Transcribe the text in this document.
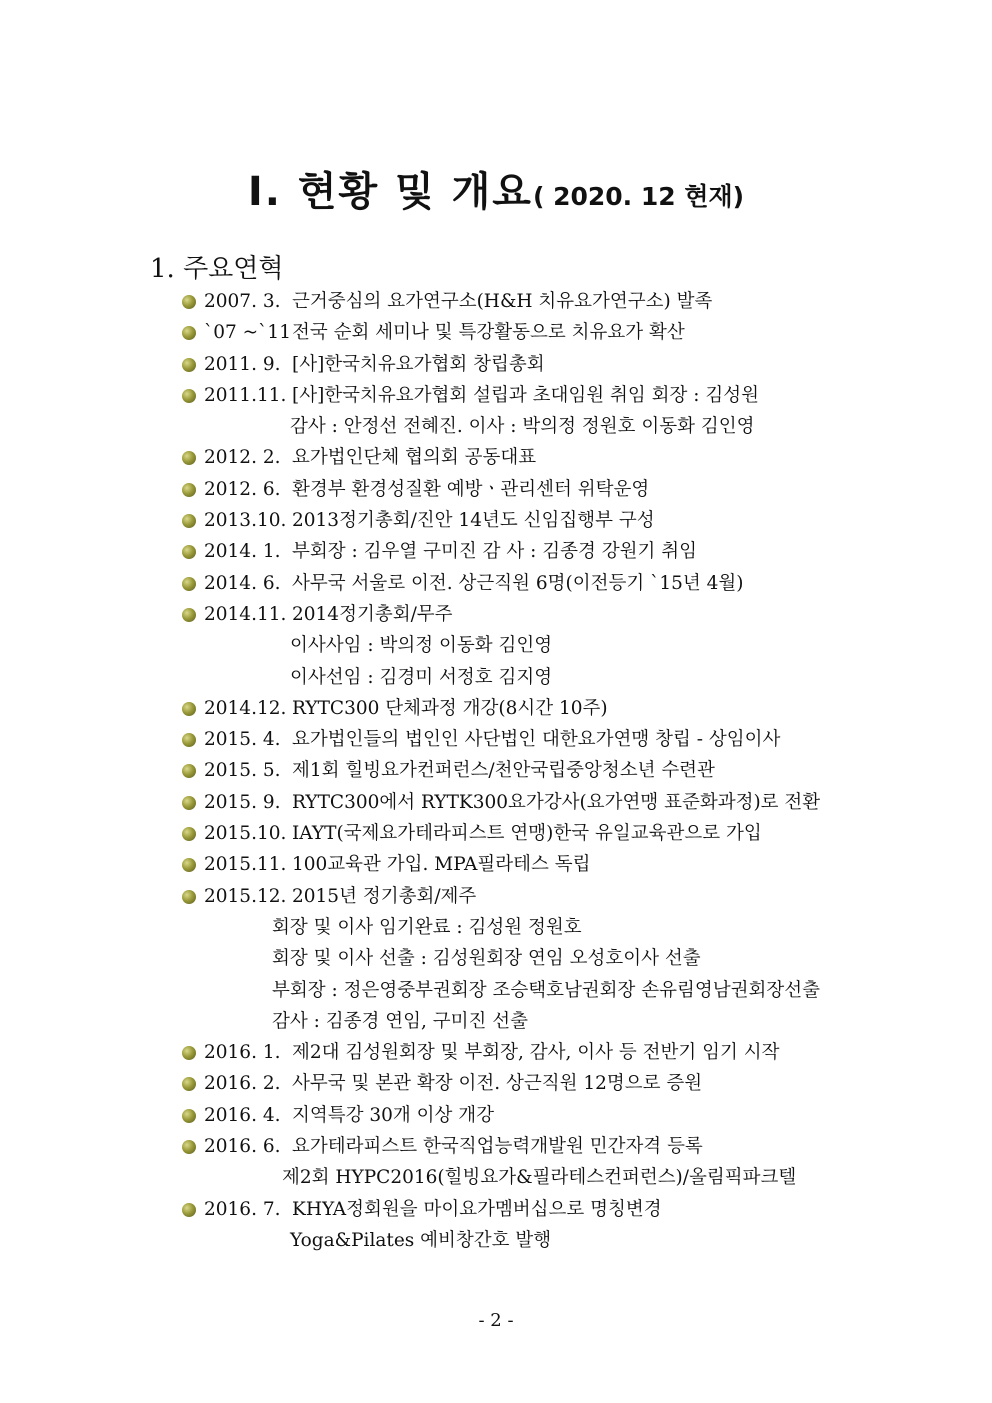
Ⅰ. 현황 및 개요( 2020. 12 현재)
1. 주요연혁
2007. 3. 근거중심의 요가연구소(H&H 치유요가연구소) 발족
`07 ~`11 전국 순회 세미나 및 특강활동으로 치유요가 확산
2011. 9. [사]한국치유요가협회 창립총회
2011.11. [사]한국치유요가협회 설립과 초대임원 취임 회장 : 김성원
감사 : 안정선 전혜진. 이사 : 박의정 정원호 이동화 김인영
2012. 2. 요가법인단체 협의회 공동대표
2012. 6. 환경부 환경성질환 예방ㆍ관리센터 위탁운영
2013.10. 2013정기총회/진안 14년도 신임집행부 구성
2014. 1. 부회장 : 김우열 구미진 감 사 : 김종경 강원기 취임
2014. 6. 사무국 서울로 이전. 상근직원 6명(이전등기 `15년 4월)
2014.11. 2014정기총회/무주
이사사임 : 박의정 이동화 김인영
이사선임 : 김경미 서정호 김지영
2014.12. RYTC300 단체과정 개강(8시간 10주)
2015. 4. 요가법인들의 법인인 사단법인 대한요가연맹 창립 - 상임이사
2015. 5. 제1회 힐빙요가컨퍼런스/천안국립중앙청소년 수련관
2015. 9. RYTC300에서 RYTK300요가강사(요가연맹 표준화과정)로 전환
2015.10. IAYT(국제요가테라피스트 연맹)한국 유일교육관으로 가입
2015.11. 100교육관 가입. MPA필라테스 독립
2015.12. 2015년 정기총회/제주
회장 및 이사 임기완료 : 김성원 정원호
회장 및 이사 선출 : 김성원회장 연임 오성호이사 선출
부회장 : 정은영중부권회장 조승택호남권회장 손유림영남권회장선출
감사 : 김종경 연임, 구미진 선출
2016. 1. 제2대 김성원회장 및 부회장, 감사, 이사 등 전반기 임기 시작
2016. 2. 사무국 및 본관 확장 이전. 상근직원 12명으로 증원
2016. 4. 지역특강 30개 이상 개강
2016. 6. 요가테라피스트 한국직업능력개발원 민간자격 등록
제2회 HYPC2016(힐빙요가&필라테스컨퍼런스)/올림픽파크텔
2016. 7. KHYA정회원을 마이요가멤버십으로 명칭변경
Yoga&Pilates 예비창간호 발행
- 2 -
